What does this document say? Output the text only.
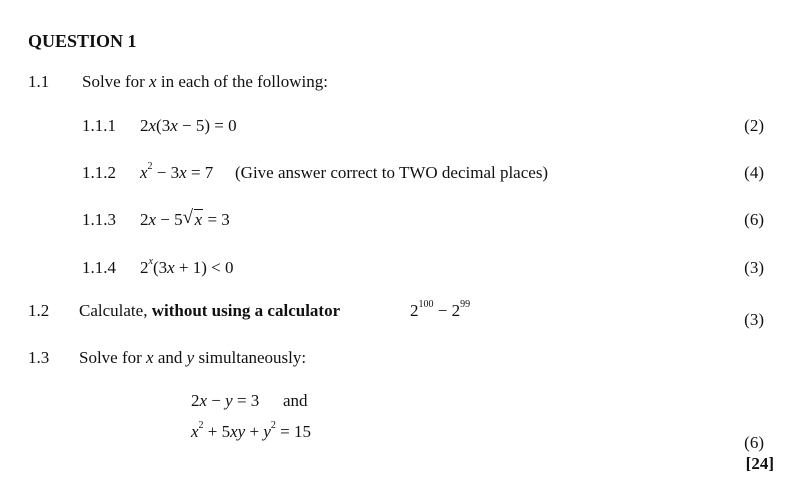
QUESTION 1
1.1 Solve for x in each of the following:
1.1.1 2x(3x − 5) = 0	(2)
1.1.2 $x^2 - 3x = 7$ (Give answer correct to TWO decimal places)	(4)
1.1.3 2x − 5 √ x = 3	(6)
1.1.4 $2^x(3x + 1) < 0$	(3)
1.2 Calculate, without using a calculator	$2^{100} - 2^{99}$
(3)
1.3 Solve for x and y simultaneously:
2x − y = 3 and
$x^2 + 5xy + y^2 = 15$
(6)
[24]
